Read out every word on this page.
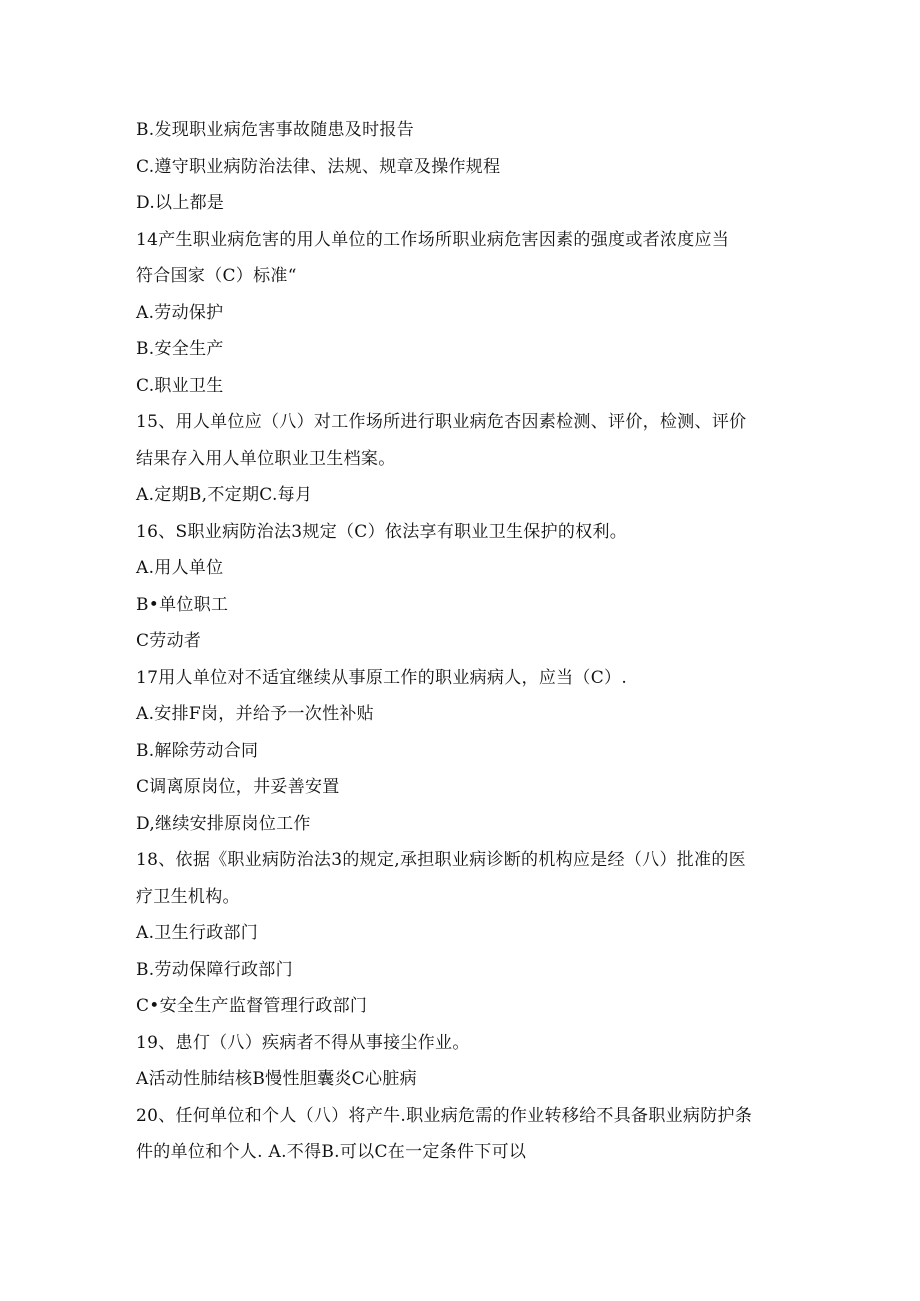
B.发现职业病危害事故随患及时报告
C.遵守职业病防治法律、法规、规章及操作规程
D.以上都是
14产生职业病危害的用人单位的工作场所职业病危害因素的强度或者浓度应当
符合国家（C）标准“
A.劳动保护
B.安全生产
C.职业卫生
15、用人单位应（八）对工作场所进行职业病危杏因素检测、评价，检测、评价
结果存入用人单位职业卫生档案。
A.定期B,不定期C.每月
16、S职业病防治法3规定（C）依法享有职业卫生保护的权利。
A.用人单位
B•单位职工
C劳动者
17用人单位对不适宜继续从事原工作的职业病病人，应当（C）.
A.安排F岗，并给予一次性补贴
B.解除劳动合同
C调离原岗位，井妥善安置
D,继续安排原岗位工作
18、依据《职业病防治法3的规定,承担职业病诊断的机构应是经（八）批准的医
疗卫生机构。
A.卫生行政部门
B.劳动保障行政部门
C•安全生产监督管理行政部门
19、患仃（八）疾病者不得从事接尘作业。
A活动性肺结核B慢性胆囊炎C心脏病
20、任何单位和个人（八）将产牛.职业病危需的作业转移给不具备职业病防护条
件的单位和个人. A.不得B.可以C在一定条件下可以
